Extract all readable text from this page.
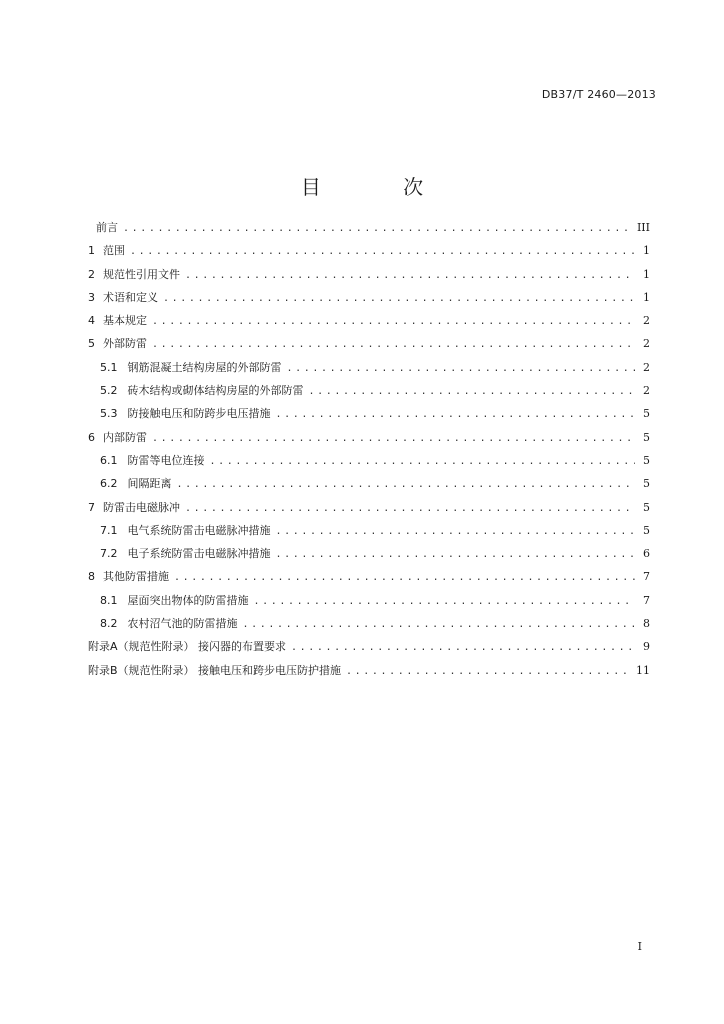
DB37/T 2460—2013
目 次
前言 .....	III
1 范围 .....	1
2 规范性引用文件 .....	1
3 术语和定义 .....	1
4 基本规定 .....	2
5 外部防雷 .....	2
5.1 钢筋混凝土结构房屋的外部防雷 .....	2
5.2 砖木结构或砌体结构房屋的外部防雷 .....	2
5.3 防接触电压和防跨步电压措施 .....	5
6 内部防雷 .....	5
6.1 防雷等电位连接 .....	5
6.2 间隔距离 .....	5
7 防雷击电磁脉冲 .....	5
7.1 电气系统防雷击电磁脉冲措施 .....	5
7.2 电子系统防雷击电磁脉冲措施 .....	6
8 其他防雷措施 .....	7
8.1 屋面突出物体的防雷措施 .....	7
8.2 农村沼气池的防雷措施 .....	8
附录A（规范性附录） 接闪器的布置要求 .....	9
附录B（规范性附录） 接触电压和跨步电压防护措施 .....	11
I
